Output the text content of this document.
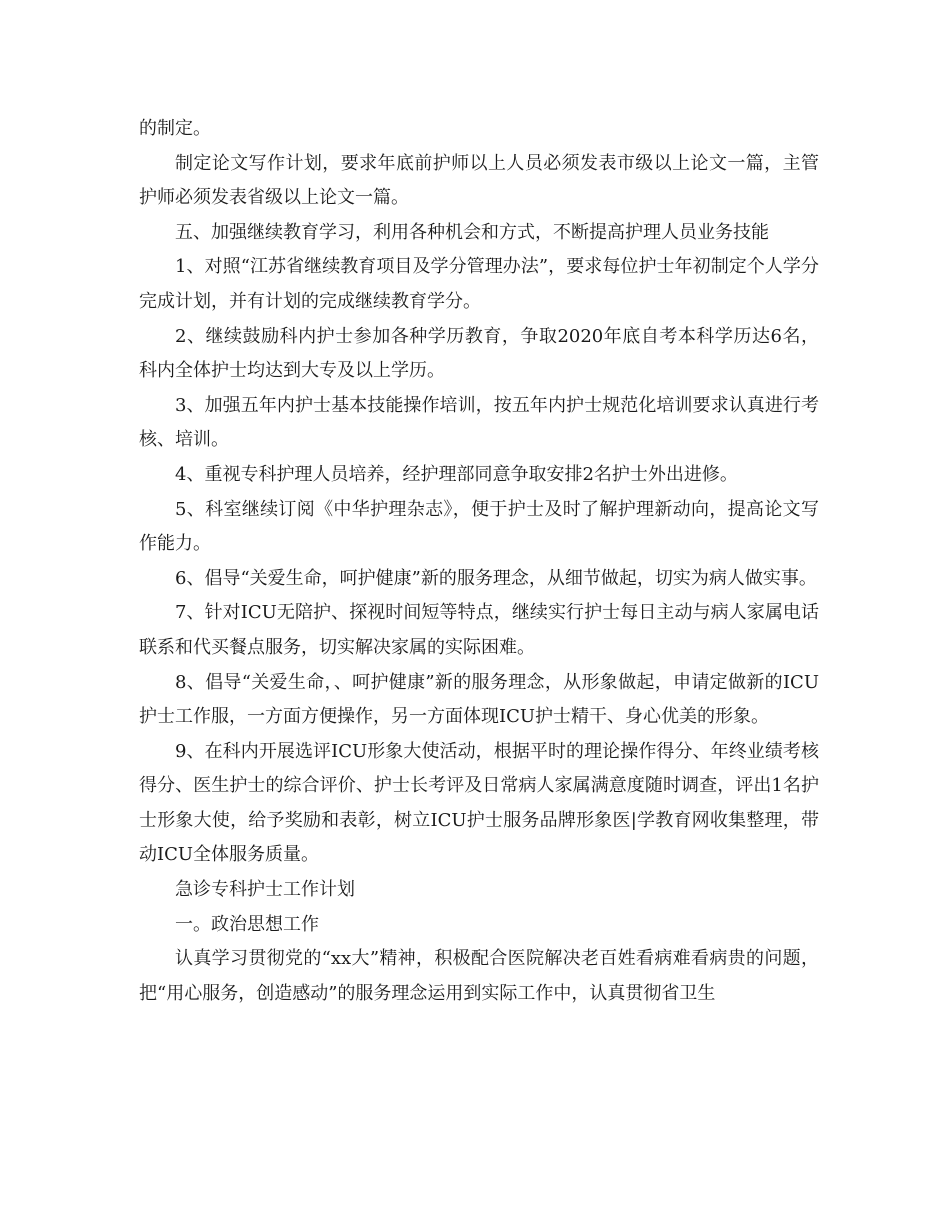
的制定。

制定论文写作计划，要求年底前护师以上人员必须发表市级以上论文一篇，主管护师必须发表省级以上论文一篇。

五、加强继续教育学习，利用各种机会和方式，不断提高护理人员业务技能

1、对照“江苏省继续教育项目及学分管理办法”，要求每位护士年初制定个人学分完成计划，并有计划的完成继续教育学分。

2、继续鼓励科内护士参加各种学历教育，争取2020年底自考本科学历达6名，科内全体护士均达到大专及以上学历。

3、加强五年内护士基本技能操作培训，按五年内护士规范化培训要求认真进行考核、培训。

4、重视专科护理人员培养，经护理部同意争取安排2名护士外出进修。

5、科室继续订阅《中华护理杂志》，便于护士及时了解护理新动向，提高论文写作能力。

6、倡导“关爱生命，呵护健康”新的服务理念，从细节做起，切实为病人做实事。

7、针对ICU无陪护、探视时间短等特点，继续实行护士每日主动与病人家属电话联系和代买餐点服务，切实解决家属的实际困难。

8、倡导“关爱生命，、呵护健康”新的服务理念，从形象做起，申请定做新的ICU护士工作服，一方面方便操作，另一方面体现ICU护士精干、身心优美的形象。

9、在科内开展选评ICU形象大使活动，根据平时的理论操作得分、年终业绩考核得分、医生护士的综合评价、护士长考评及日常病人家属满意度随时调查，评出1名护士形象大使，给予奖励和表彰，树立ICU护士服务品牌形象医|学教育网收集整理，带动ICU全体服务质量。

急诊专科护士工作计划

一。政治思想工作

认真学习贯彻党的“xx大”精神，积极配合医院解决老百姓看病难看病贵的问题，把“用心服务，创造感动”的服务理念运用到实际工作中，认真贯彻省卫生
